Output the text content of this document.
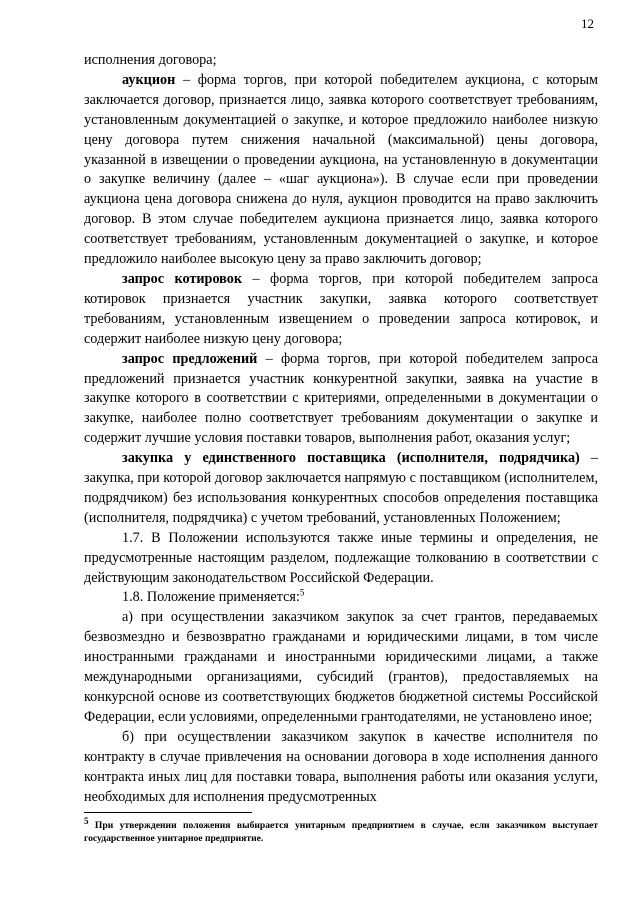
12

исполнения договора;

аукцион – форма торгов, при которой победителем аукциона, с которым заключается договор, признается лицо, заявка которого соответствует требованиям, установленным документацией о закупке, и которое предложило наиболее низкую цену договора путем снижения начальной (максимальной) цены договора, указанной в извещении о проведении аукциона, на установленную в документации о закупке величину (далее – «шаг аукциона»). В случае если при проведении аукциона цена договора снижена до нуля, аукцион проводится на право заключить договор. В этом случае победителем аукциона признается лицо, заявка которого соответствует требованиям, установленным документацией о закупке, и которое предложило наиболее высокую цену за право заключить договор;

запрос котировок – форма торгов, при которой победителем запроса котировок признается участник закупки, заявка которого соответствует требованиям, установленным извещением о проведении запроса котировок, и содержит наиболее низкую цену договора;

запрос предложений – форма торгов, при которой победителем запроса предложений признается участник конкурентной закупки, заявка на участие в закупке которого в соответствии с критериями, определенными в документации о закупке, наиболее полно соответствует требованиям документации о закупке и содержит лучшие условия поставки товаров, выполнения работ, оказания услуг;

закупка у единственного поставщика (исполнителя, подрядчика) – закупка, при которой договор заключается напрямую с поставщиком (исполнителем, подрядчиком) без использования конкурентных способов определения поставщика (исполнителя, подрядчика) с учетом требований, установленных Положением;

1.7. В Положении используются также иные термины и определения, не предусмотренные настоящим разделом, подлежащие толкованию в соответствии с действующим законодательством Российской Федерации.

1.8. Положение применяется:$^5$

а) при осуществлении заказчиком закупок за счет грантов, передаваемых безвозмездно и безвозвратно гражданами и юридическими лицами, в том числе иностранными гражданами и иностранными юридическими лицами, а также международными организациями, субсидий (грантов), предоставляемых на конкурсной основе из соответствующих бюджетов бюджетной системы Российской Федерации, если условиями, определенными грантодателями, не установлено иное;

б) при осуществлении заказчиком закупок в качестве исполнителя по контракту в случае привлечения на основании договора в ходе исполнения данного контракта иных лиц для поставки товара, выполнения работы или оказания услуги, необходимых для исполнения предусмотренных

$^5$ При утверждении положения выбирается унитарным предприятием в случае, если заказчиком выступает государственное унитарное предприятие.
